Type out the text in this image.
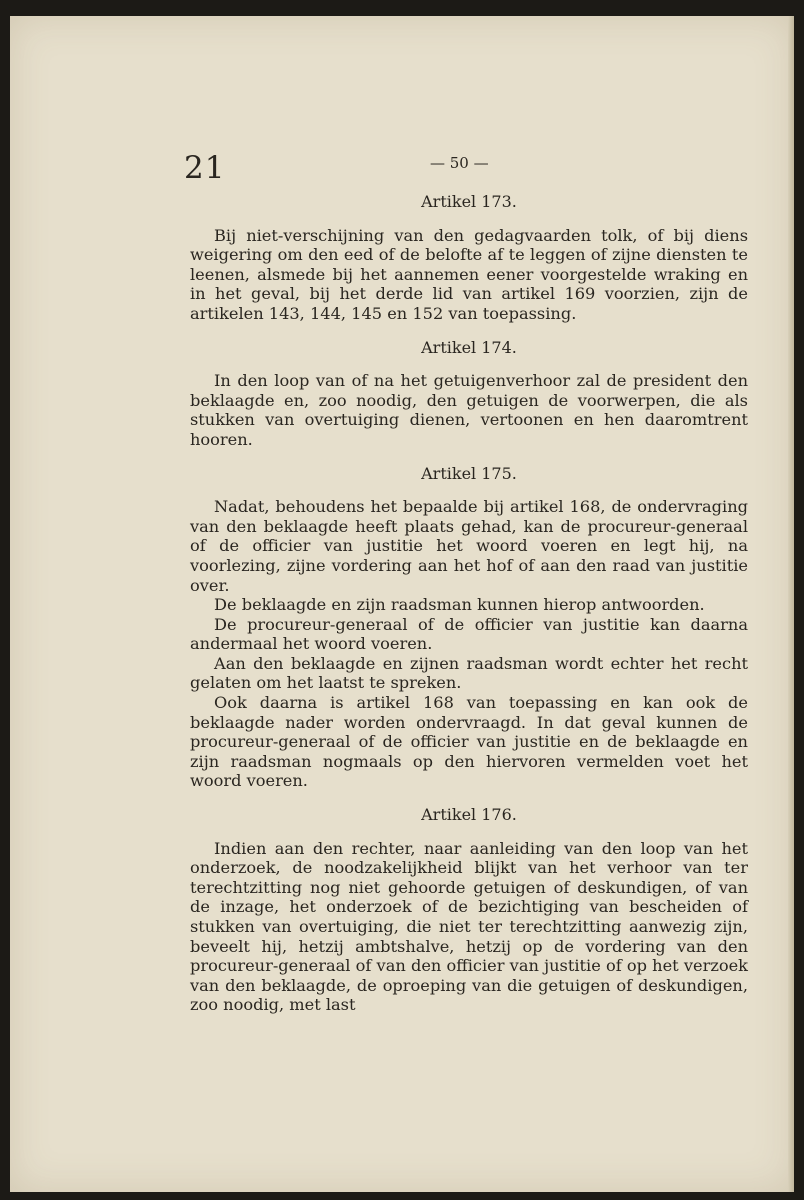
21	— 50 —

Artikel 173.

Bij niet-verschijning van den gedagvaarden tolk, of bij diens weigering om den eed of de belofte af te leggen of zijne diensten te leenen, alsmede bij het aannemen eener voorgestelde wraking en in het geval, bij het derde lid van artikel 169 voorzien, zijn de artikelen 143, 144, 145 en 152 van toepassing.

Artikel 174.

In den loop van of na het getuigenverhoor zal de president den beklaagde en, zoo noodig, den getuigen de voorwerpen, die als stukken van overtuiging dienen, vertoonen en hen daaromtrent hooren.

Artikel 175.

Nadat, behoudens het bepaalde bij artikel 168, de ondervraging van den beklaagde heeft plaats gehad, kan de procureur-generaal of de officier van justitie het woord voeren en legt hij, na voorlezing, zijne vordering aan het hof of aan den raad van justitie over.

De beklaagde en zijn raadsman kunnen hierop antwoorden.

De procureur-generaal of de officier van justitie kan daarna andermaal het woord voeren.

Aan den beklaagde en zijnen raadsman wordt echter het recht gelaten om het laatst te spreken.

Ook daarna is artikel 168 van toepassing en kan ook de beklaagde nader worden ondervraagd. In dat geval kunnen de procureur-generaal of de officier van justitie en de beklaagde en zijn raadsman nogmaals op den hiervoren vermelden voet het woord voeren.

Artikel 176.

Indien aan den rechter, naar aanleiding van den loop van het onderzoek, de noodzakelijkheid blijkt van het verhoor van ter terechtzitting nog niet gehoorde getuigen of deskundigen, of van de inzage, het onderzoek of de bezichtiging van bescheiden of stukken van overtuiging, die niet ter terechtzitting aanwezig zijn, beveelt hij, hetzij ambtshalve, hetzij op de vordering van den procureur-generaal of van den officier van justitie of op het verzoek van den beklaagde, de oproeping van die getuigen of deskundigen, zoo noodig, met last
